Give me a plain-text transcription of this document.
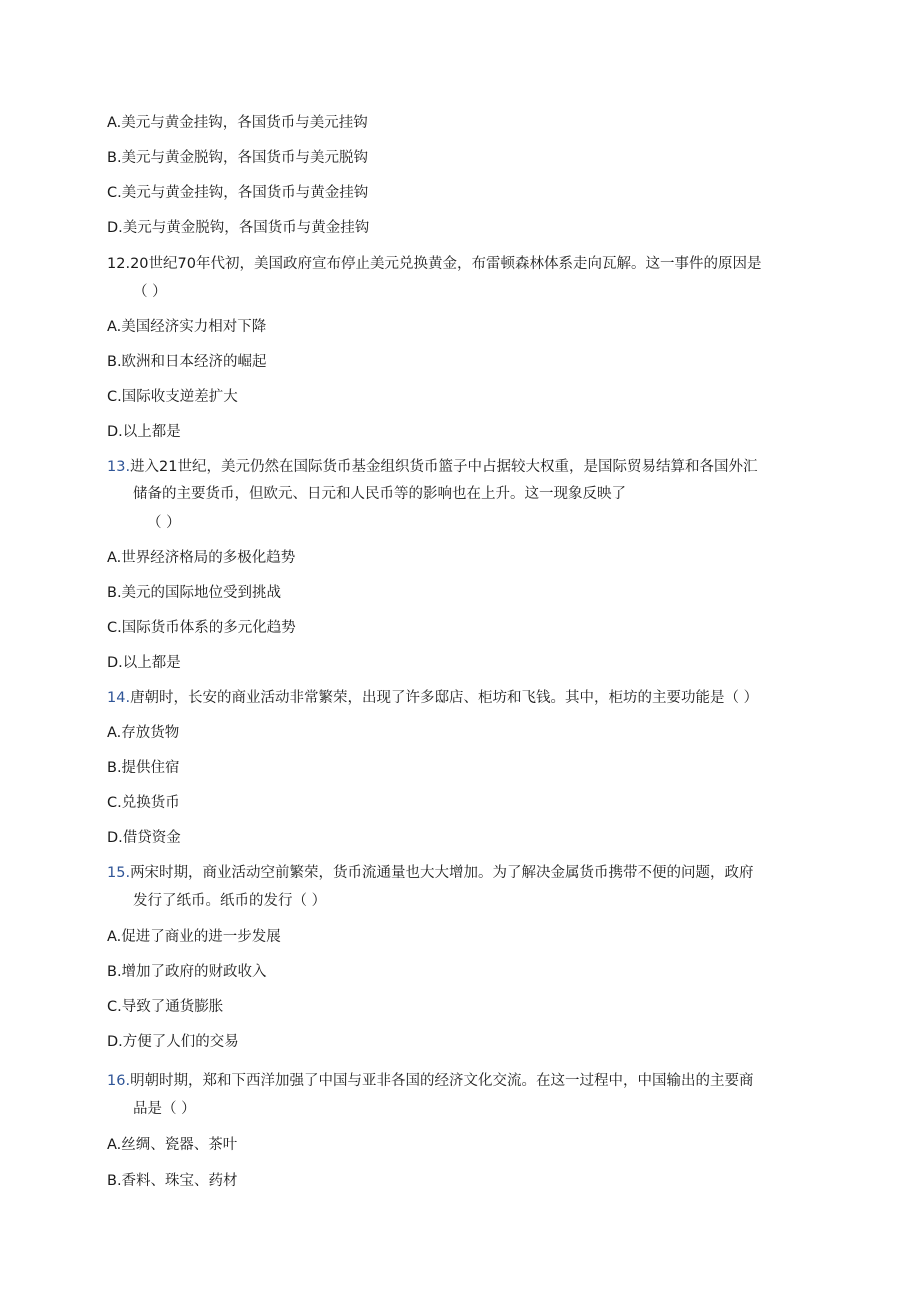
A.美元与黄金挂钩，各国货币与美元挂钩
B.美元与黄金脱钩，各国货币与美元脱钩
C.美元与黄金挂钩，各国货币与黄金挂钩
D.美元与黄金脱钩，各国货币与黄金挂钩
12.20世纪70年代初，美国政府宣布停止美元兑换黄金，布雷顿森林体系走向瓦解。这一事件的原因是
（ ）
A.美国经济实力相对下降
B.欧洲和日本经济的崛起
C.国际收支逆差扩大
D.以上都是
13.进入21世纪，美元仍然在国际货币基金组织货币篮子中占据较大权重，是国际贸易结算和各国外汇
储备的主要货币，但欧元、日元和人民币等的影响也在上升。这一现象反映了
（ ）
A.世界经济格局的多极化趋势
B.美元的国际地位受到挑战
C.国际货币体系的多元化趋势
D.以上都是
14.唐朝时，长安的商业活动非常繁荣，出现了许多邸店、柜坊和飞钱。其中，柜坊的主要功能是（ ）
A.存放货物
B.提供住宿
C.兑换货币
D.借贷资金
15.两宋时期，商业活动空前繁荣，货币流通量也大大增加。为了解决金属货币携带不便的问题，政府
发行了纸币。纸币的发行（ ）
A.促进了商业的进一步发展
B.增加了政府的财政收入
C.导致了通货膨胀
D.方便了人们的交易
16.明朝时期，郑和下西洋加强了中国与亚非各国的经济文化交流。在这一过程中，中国输出的主要商
品是（ ）
A.丝绸、瓷器、茶叶
B.香料、珠宝、药材
